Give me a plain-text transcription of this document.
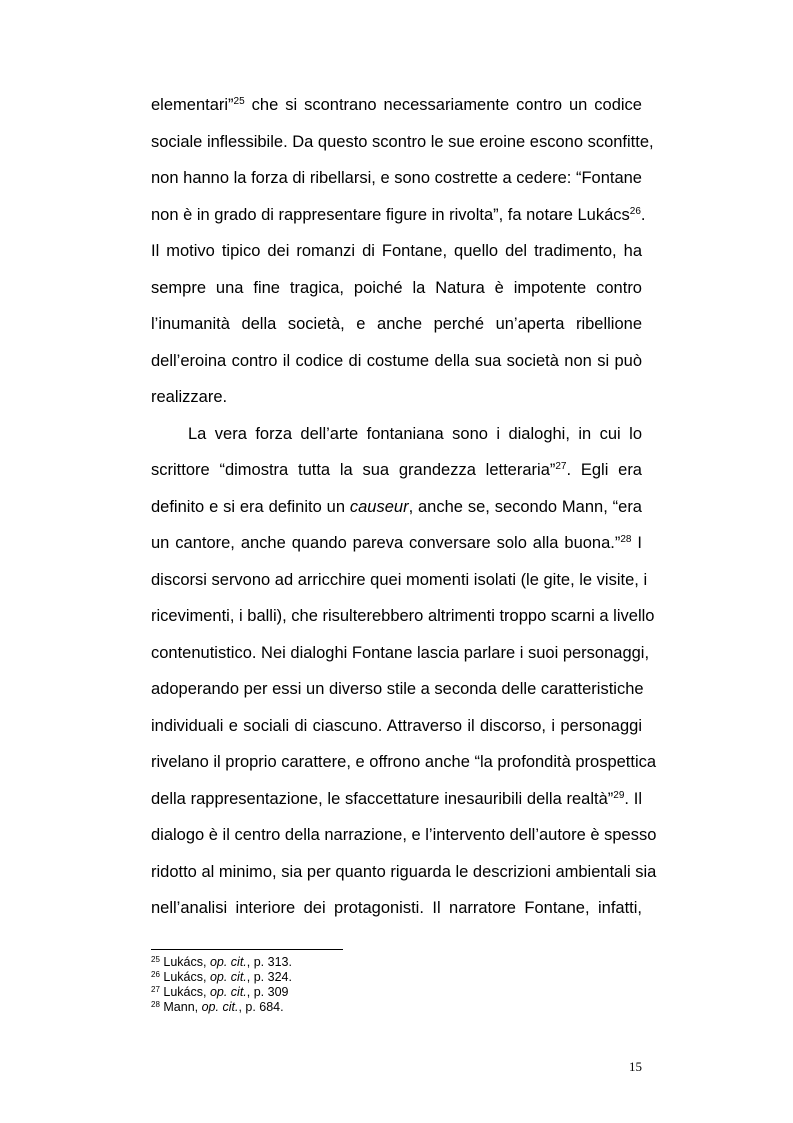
elementari”$^{25}$ che si scontrano necessariamente contro un codice
sociale inflessibile. Da questo scontro le sue eroine escono sconfitte,
non hanno la forza di ribellarsi, e sono costrette a cedere: “Fontane
non è in grado di rappresentare figure in rivolta”, fa notare Lukács$^{26}$.
Il motivo tipico dei romanzi di Fontane, quello del tradimento, ha
sempre una fine tragica, poiché la Natura è impotente contro
l’inumanità della società, e anche perché un’aperta ribellione
dell’eroina contro il codice di costume della sua società non si può
realizzare.
La vera forza dell’arte fontaniana sono i dialoghi, in cui lo
scrittore “dimostra tutta la sua grandezza letteraria”$^{27}$. Egli era
definito e si era definito un causeur, anche se, secondo Mann, “era
un cantore, anche quando pareva conversare solo alla buona.”$^{28}$ I
discorsi servono ad arricchire quei momenti isolati (le gite, le visite, i
ricevimenti, i balli), che risulterebbero altrimenti troppo scarni a livello
contenutistico. Nei dialoghi Fontane lascia parlare i suoi personaggi,
adoperando per essi un diverso stile a seconda delle caratteristiche
individuali e sociali di ciascuno. Attraverso il discorso, i personaggi
rivelano il proprio carattere, e offrono anche “la profondità prospettica
della rappresentazione, le sfaccettature inesauribili della realtà”$^{29}$. Il
dialogo è il centro della narrazione, e l’intervento dell’autore è spesso
ridotto al minimo, sia per quanto riguarda le descrizioni ambientali sia
nell’analisi interiore dei protagonisti. Il narratore Fontane, infatti,
$^{25}$ Lukács, op. cit., p. 313.
$^{26}$ Lukács, op. cit., p. 324.
$^{27}$ Lukács, op. cit., p. 309
$^{28}$ Mann, op. cit., p. 684.
15
